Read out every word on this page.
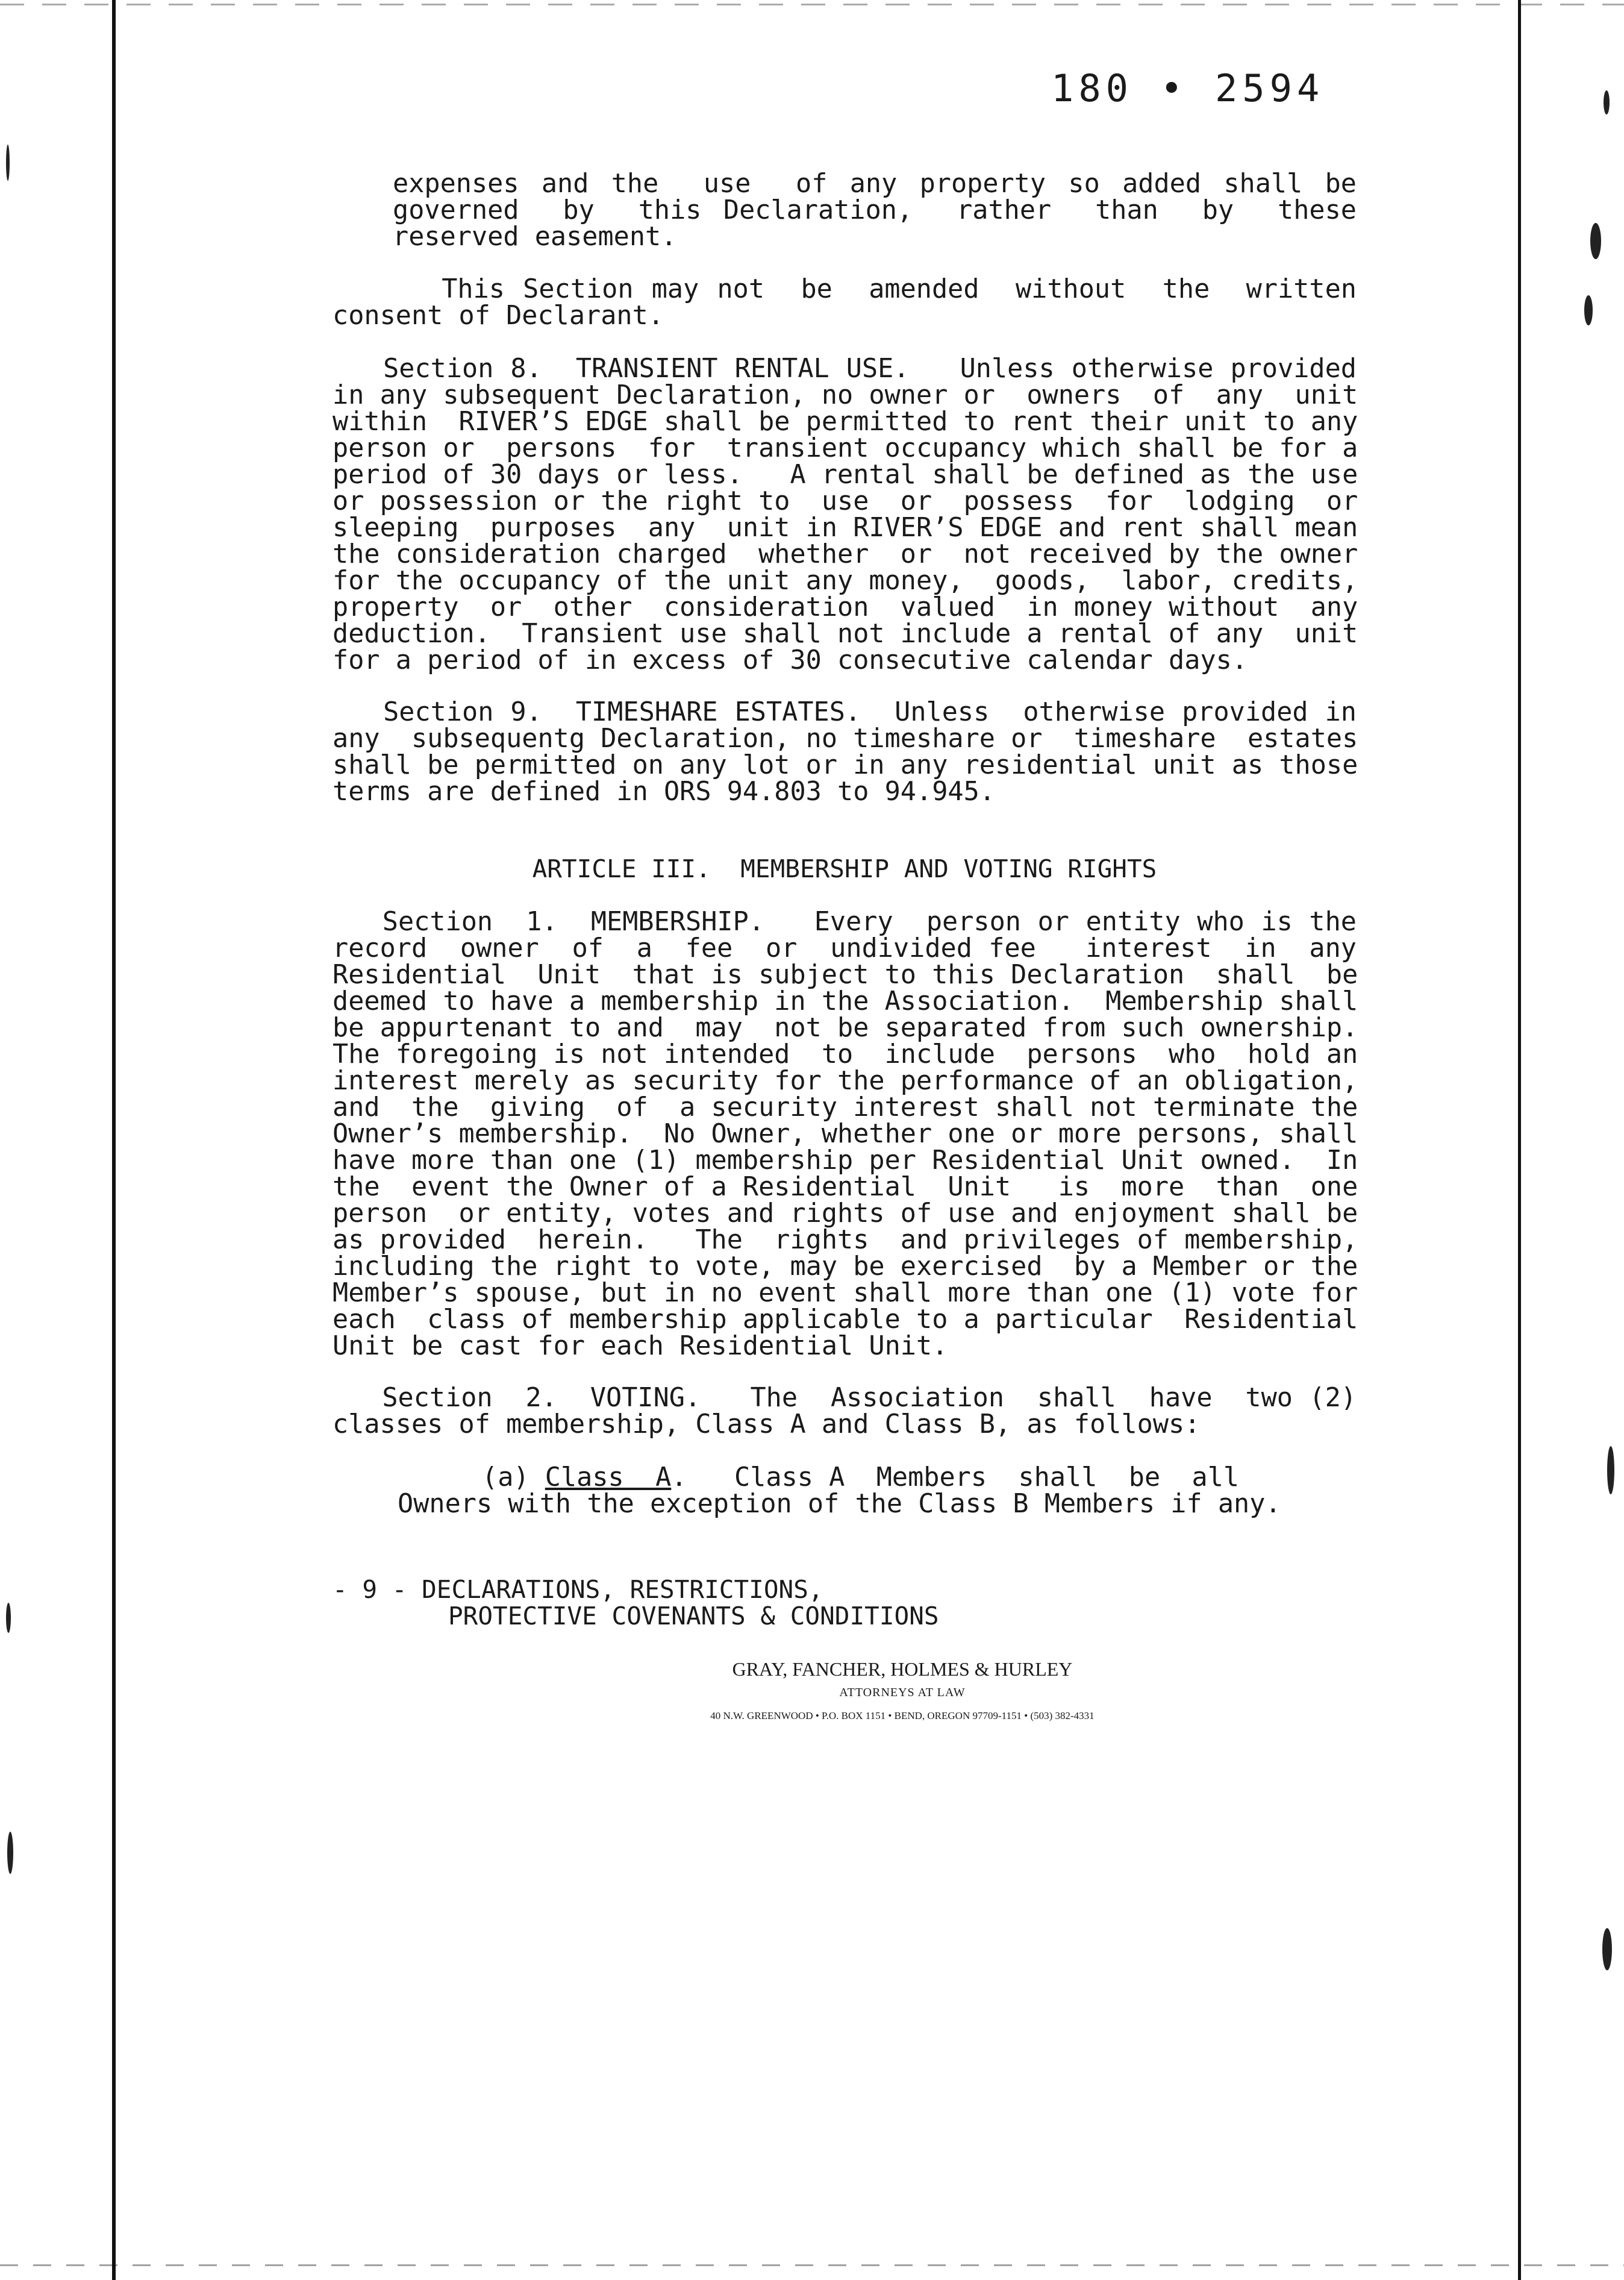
180 • 2594
expenses and the  use  of any property so added shall be
governed  by  this Declaration,  rather  than  by  these
reserved easement.
This Section may not  be  amended  without  the  written
consent of Declarant.
Section 8.  TRANSIENT RENTAL USE.   Unless otherwise provided
in any subsequent Declaration, no owner or  owners  of  any  unit
within  RIVER’S EDGE shall be permitted to rent their unit to any
person or  persons  for  transient occupancy which shall be for a
period of 30 days or less.   A rental shall be defined as the use
or possession or the right to  use  or  possess  for  lodging  or
sleeping  purposes  any  unit in RIVER’S EDGE and rent shall mean
the consideration charged  whether  or  not received by the owner
for the occupancy of the unit any money,  goods,  labor, credits,
property  or  other  consideration  valued  in money without  any
deduction.  Transient use shall not include a rental of any  unit
for a period of in excess of 30 consecutive calendar days.
Section 9.  TIMESHARE ESTATES.  Unless  otherwise provided in
any  subsequentg Declaration, no timeshare or  timeshare  estates
shall be permitted on any lot or in any residential unit as those
terms are defined in ORS 94.803 to 94.945.
Section  1.  MEMBERSHIP.   Every  person or entity who is the
record  owner  of  a  fee  or  undivided fee   interest  in  any
Residential  Unit  that is subject to this Declaration  shall  be
deemed to have a membership in the Association.  Membership shall
be appurtenant to and  may  not be separated from such ownership.
The foregoing is not intended  to  include  persons  who  hold an
interest merely as security for the performance of an obligation,
and  the  giving  of  a security interest shall not terminate the
Owner’s membership.  No Owner, whether one or more persons, shall
have more than one (1) membership per Residential Unit owned.  In
the  event the Owner of a Residential  Unit   is  more  than  one
person  or entity, votes and rights of use and enjoyment shall be
as provided  herein.   The  rights  and privileges of membership,
including the right to vote, may be exercised  by a Member or the
Member’s spouse, but in no event shall more than one (1) vote for
each  class of membership applicable to a particular  Residential
Unit be cast for each Residential Unit.
Section  2.  VOTING.   The  Association  shall  have  two (2)
classes of membership, Class A and Class B, as follows:
(a) Class  A.   Class A  Members  shall  be  all
Owners with the exception of the Class B Members if any.
ARTICLE III.  MEMBERSHIP AND VOTING RIGHTS
- 9 - DECLARATIONS, RESTRICTIONS,
PROTECTIVE COVENANTS & CONDITIONS
GRAY, FANCHER, HOLMES & HURLEY
ATTORNEYS AT LAW
40 N.W. GREENWOOD • P.O. BOX 1151 • BEND, OREGON 97709-1151 • (503) 382-4331
